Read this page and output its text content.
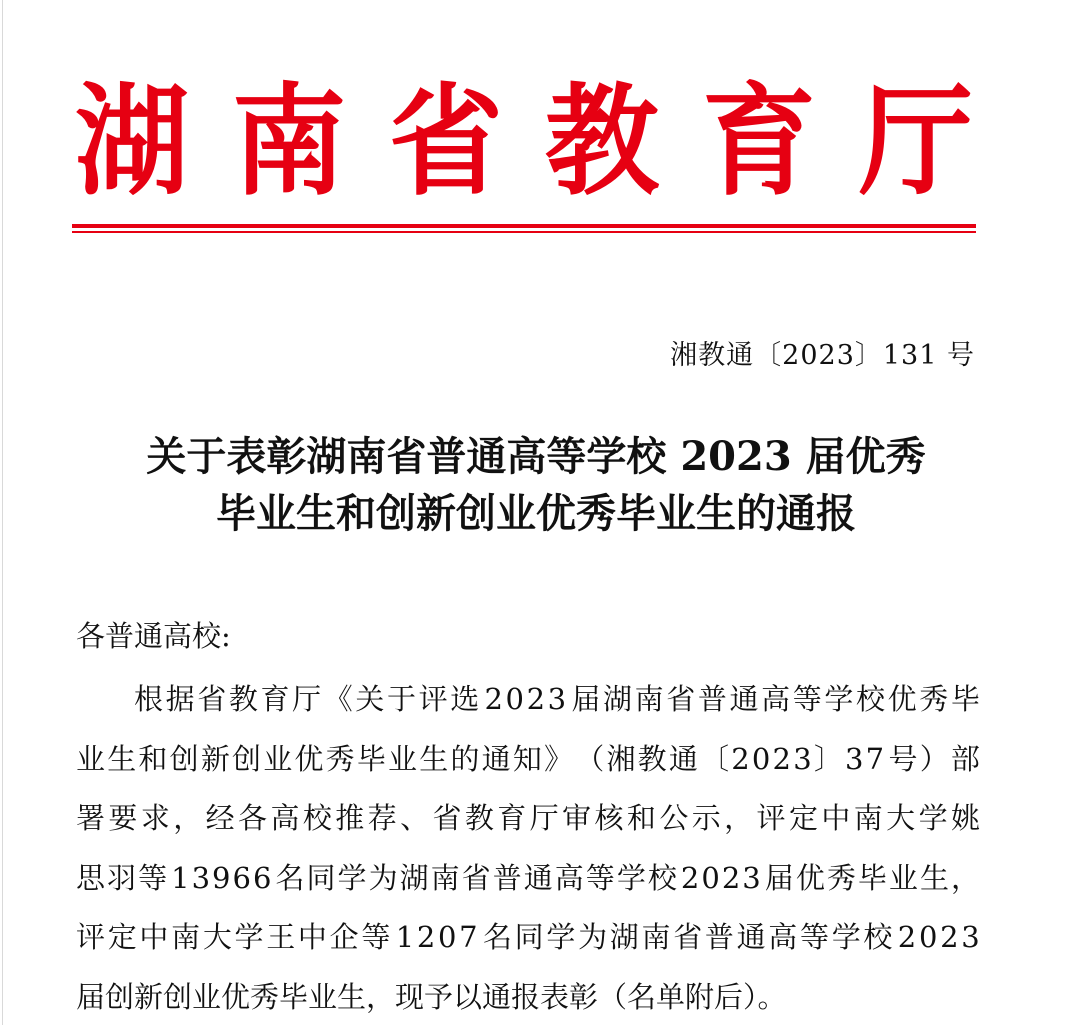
湖 南 省 教 育 厅
湘教通〔2023〕131 号
关于表彰湖南省普通高等学校 2023 届优秀
毕业生和创新创业优秀毕业生的通报
各普通高校:
根 据 省 教 育 厅 《 关 于 评 选 2 0 2 3 届 湖 南 省 普 通 高 等 学 校 优 秀 毕
业 生 和 创 新 创 业 优 秀 毕 业 生 的 通 知 》 （ 湘 教 通 〔 2 0 2 3 〕 3 7 号 ） 部
署 要 求 ， 经 各 高 校 推 荐 、 省 教 育 厅 审 核 和 公 示 ， 评 定 中 南 大 学 姚
思 羽 等 1 3 9 6 6 名 同 学 为 湖 南 省 普 通 高 等 学 校 2 0 2 3 届 优 秀 毕 业 生 ，
评 定 中 南 大 学 王 中 企 等 1 2 0 7 名 同 学 为 湖 南 省 普 通 高 等 学 校 2 0 2 3
届创新创业优秀毕业生，现予以通报表彰（名单附后）。
